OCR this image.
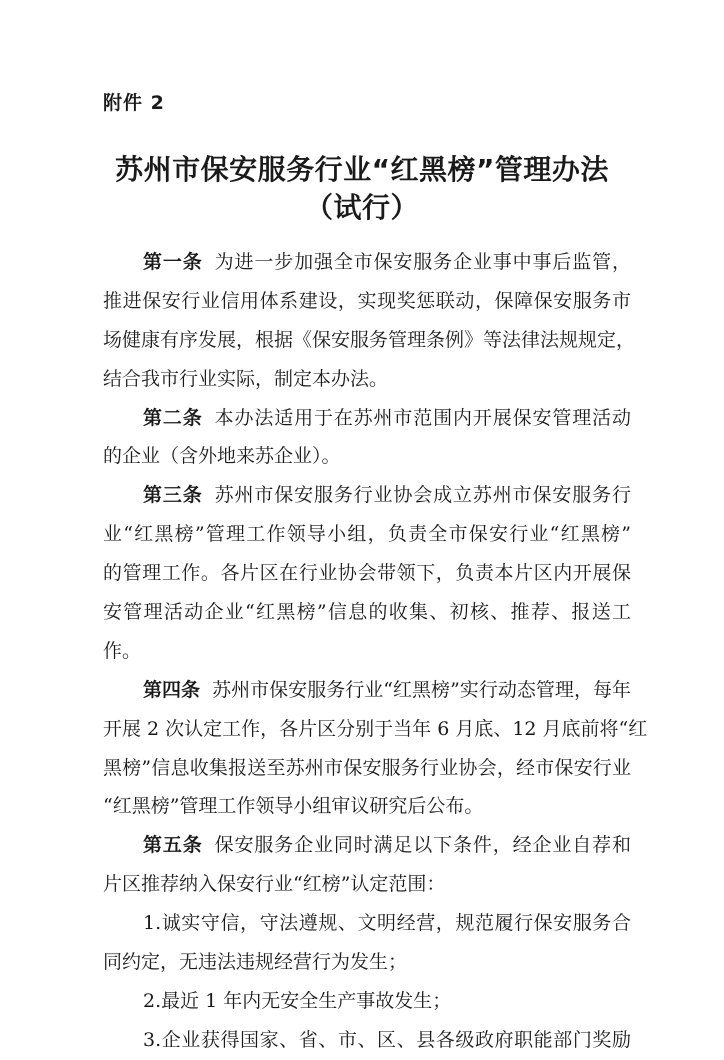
附件 2
苏州市保安服务行业“红黑榜”管理办法
（试行）
第一条 为进一步加强全市保安服务企业事中事后监管，
推进保安行业信用体系建设，实现奖惩联动，保障保安服务市
场健康有序发展，根据《保安服务管理条例》等法律法规规定，
结合我市行业实际，制定本办法。
第二条 本办法适用于在苏州市范围内开展保安管理活动
的企业（含外地来苏企业）。
第三条 苏州市保安服务行业协会成立苏州市保安服务行
业“红黑榜”管理工作领导小组，负责全市保安行业“红黑榜”
的管理工作。各片区在行业协会带领下，负责本片区内开展保
安管理活动企业“红黑榜”信息的收集、初核、推荐、报送工
作。
第四条 苏州市保安服务行业“红黑榜”实行动态管理，每年
开展 2 次认定工作，各片区分别于当年 6 月底、12 月底前将“红
黑榜”信息收集报送至苏州市保安服务行业协会，经市保安行业
“红黑榜”管理工作领导小组审议研究后公布。
第五条 保安服务企业同时满足以下条件，经企业自荐和
片区推荐纳入保安行业“红榜”认定范围：
1.诚实守信，守法遵规、文明经营，规范履行保安服务合
同约定，无违法违规经营行为发生；
2.最近 1 年内无安全生产事故发生；
3.企业获得国家、省、市、区、县各级政府职能部门奖励
